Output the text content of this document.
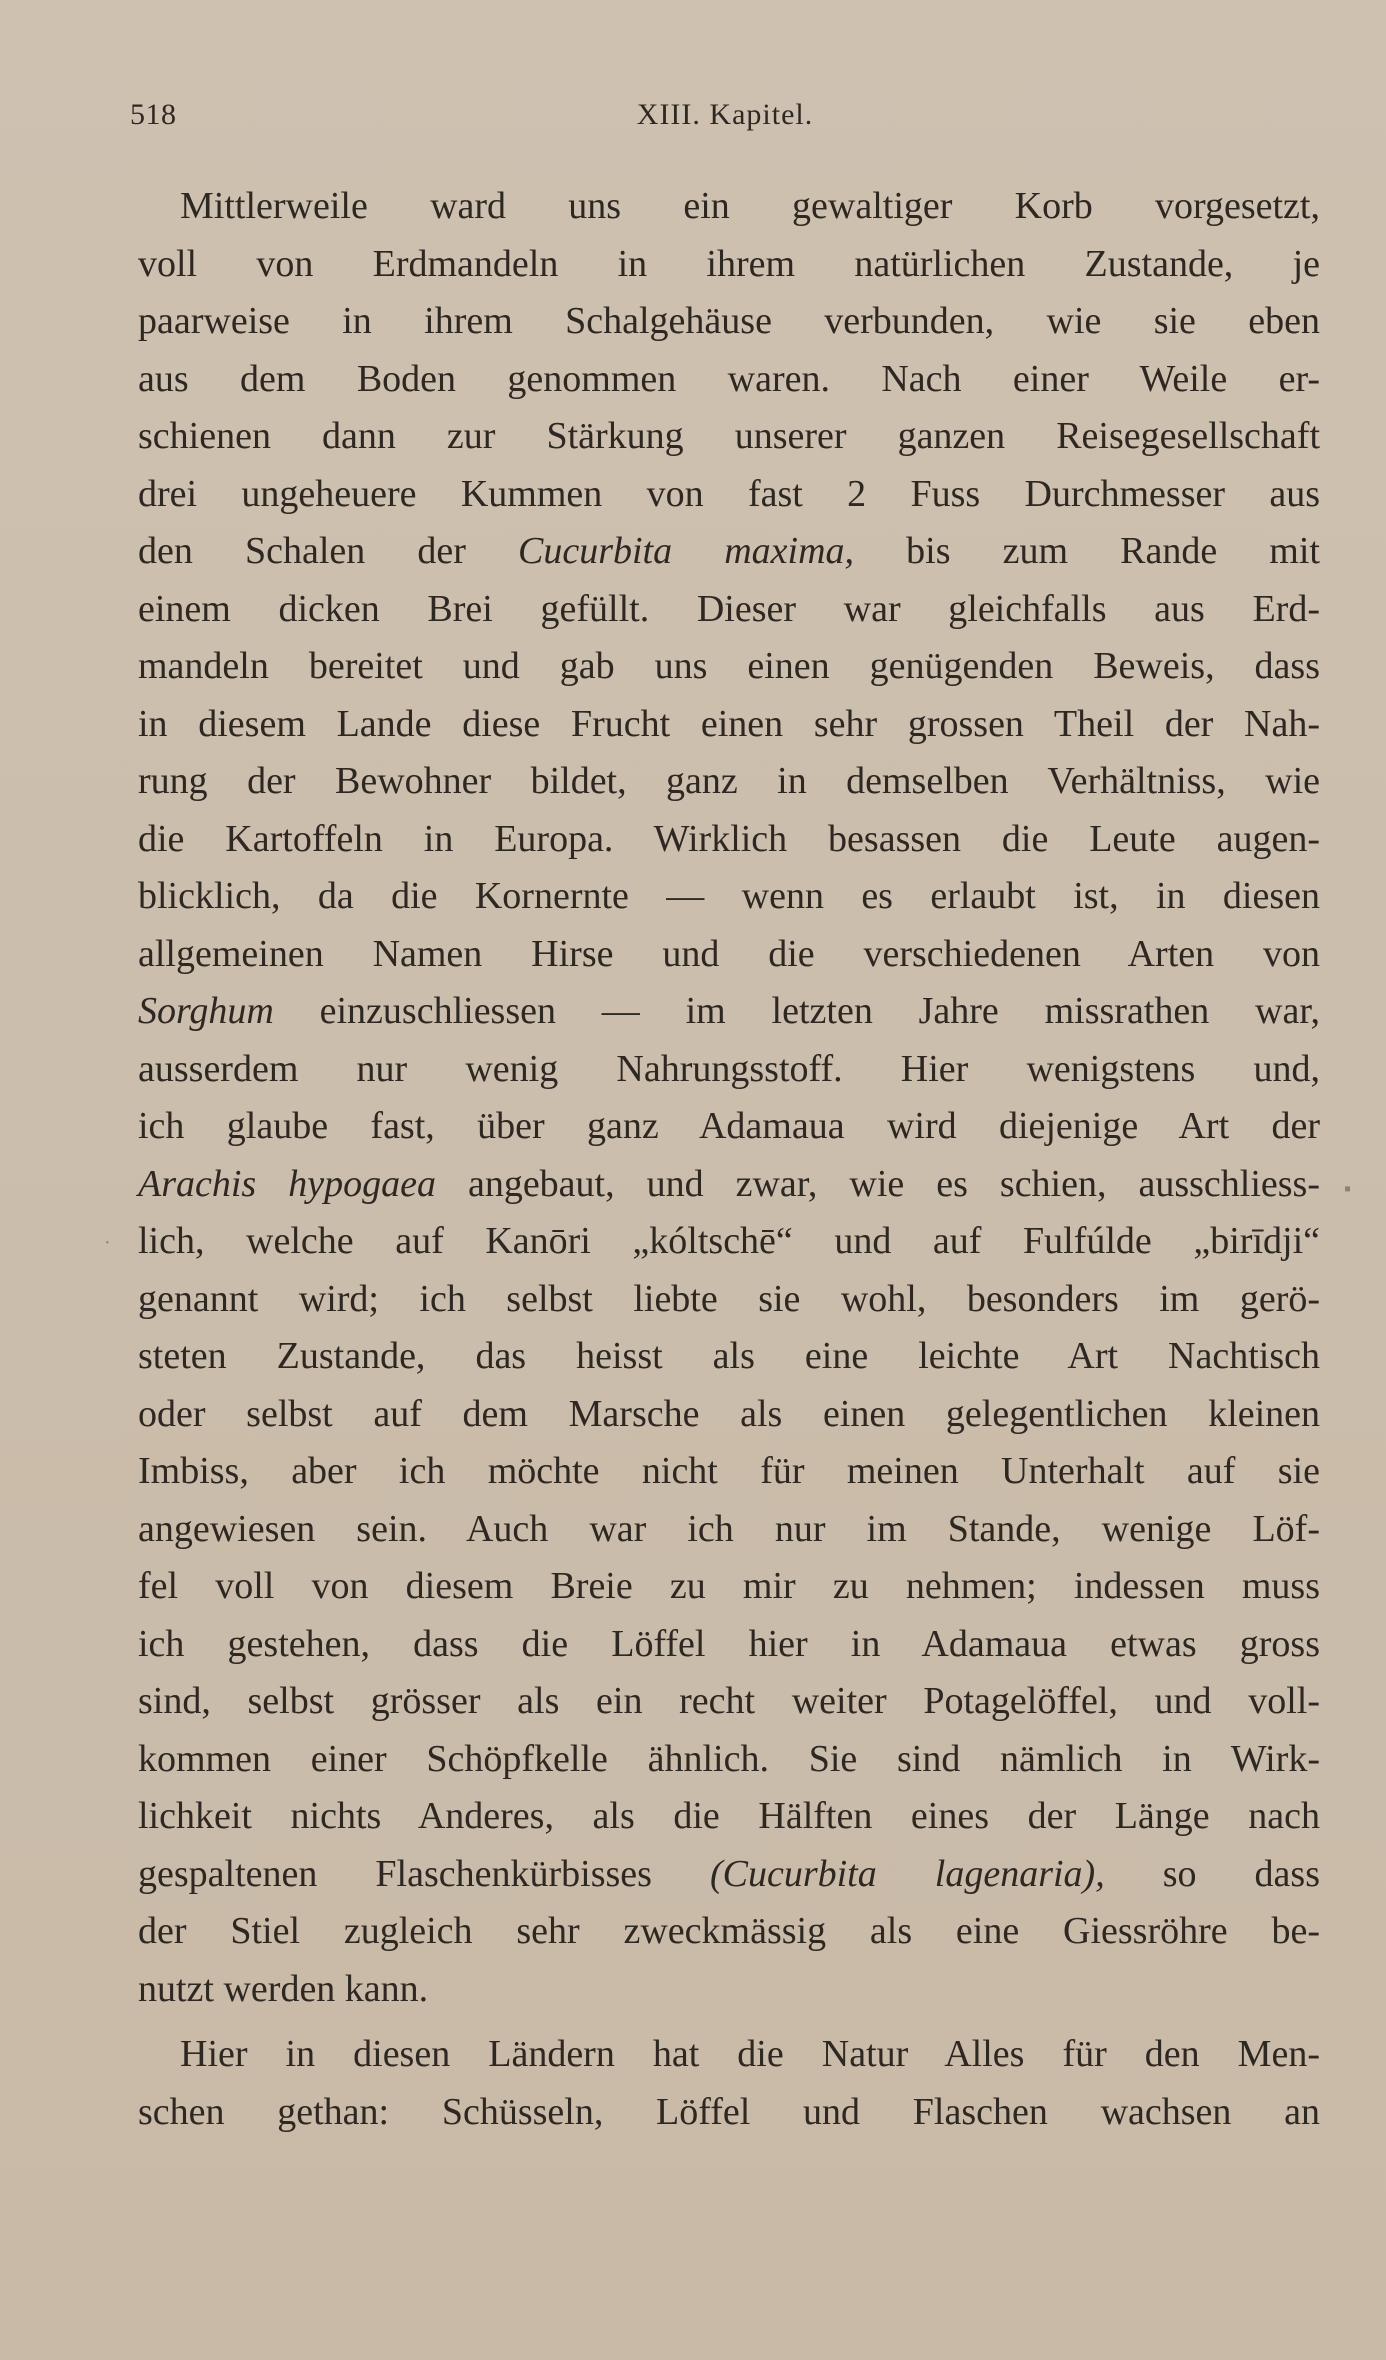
518	XIII. Kapitel.
Mittlerweile ward uns ein gewaltiger Korb vorgesetzt,
voll von Erdmandeln in ihrem natürlichen Zustande, je
paarweise in ihrem Schalgehäuse verbunden, wie sie eben
aus dem Boden genommen waren. Nach einer Weile er-
schienen dann zur Stärkung unserer ganzen Reisegesellschaft
drei ungeheuere Kummen von fast 2 Fuss Durchmesser aus
den Schalen der Cucurbita maxima, bis zum Rande mit
einem dicken Brei gefüllt. Dieser war gleichfalls aus Erd-
mandeln bereitet und gab uns einen genügenden Beweis, dass
in diesem Lande diese Frucht einen sehr grossen Theil der Nah-
rung der Bewohner bildet, ganz in demselben Verhältniss, wie
die Kartoffeln in Europa. Wirklich besassen die Leute augen-
blicklich, da die Kornernte — wenn es erlaubt ist, in diesen
allgemeinen Namen Hirse und die verschiedenen Arten von
Sorghum einzuschliessen — im letzten Jahre missrathen war,
ausserdem nur wenig Nahrungsstoff. Hier wenigstens und,
ich glaube fast, über ganz Adamaua wird diejenige Art der
Arachis hypogaea angebaut, und zwar, wie es schien, ausschliess-
lich, welche auf Kanōri „kóltschē“ und auf Fulfúlde „birīdji“
genannt wird; ich selbst liebte sie wohl, besonders im gerö-
steten Zustande, das heisst als eine leichte Art Nachtisch
oder selbst auf dem Marsche als einen gelegentlichen kleinen
Imbiss, aber ich möchte nicht für meinen Unterhalt auf sie
angewiesen sein. Auch war ich nur im Stande, wenige Löf-
fel voll von diesem Breie zu mir zu nehmen; indessen muss
ich gestehen, dass die Löffel hier in Adamaua etwas gross
sind, selbst grösser als ein recht weiter Potagelöffel, und voll-
kommen einer Schöpfkelle ähnlich. Sie sind nämlich in Wirk-
lichkeit nichts Anderes, als die Hälften eines der Länge nach
gespaltenen Flaschenkürbisses (Cucurbita lagenaria), so dass
der Stiel zugleich sehr zweckmässig als eine Giessröhre be-
nutzt werden kann.
Hier in diesen Ländern hat die Natur Alles für den Men-
schen gethan: Schüsseln, Löffel und Flaschen wachsen an
▪
·
